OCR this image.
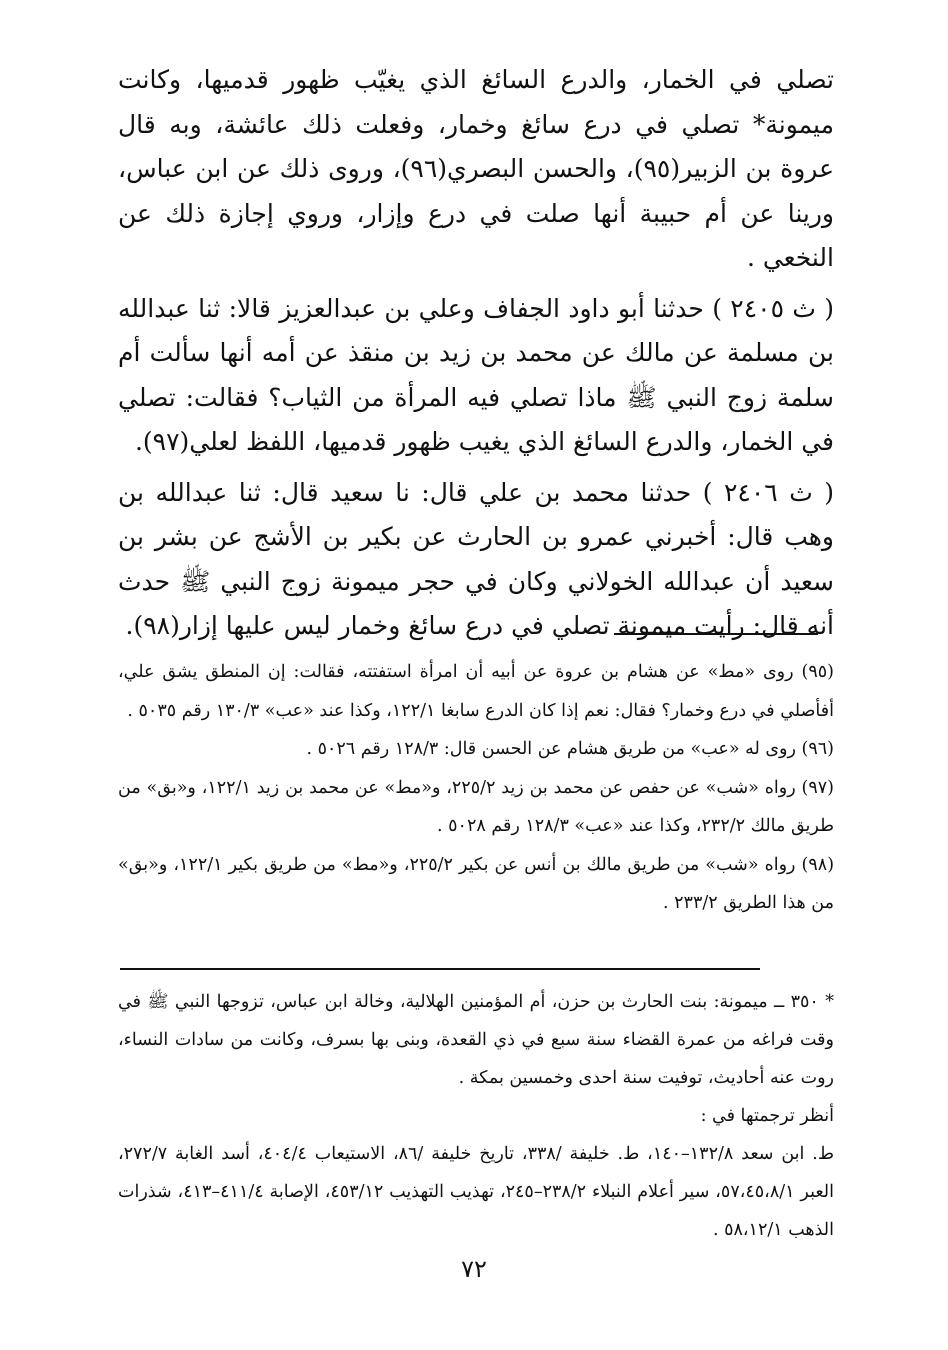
تصلي في الخمار، والدرع السائغ الذي يغيّب ظهور قدميها، وكانت ميمونة* تصلي في درع سائغ وخمار، وفعلت ذلك عائشة، وبه قال عروة بن الزبير(٩٥)، والحسن البصري(٩٦)، وروى ذلك عن ابن عباس، ورينا عن أم حبيبة أنها صلت في درع وإزار، وروي إجازة ذلك عن النخعي .

( ث ٢٤٠٥ ) حدثنا أبو داود الجفاف وعلي بن عبدالعزيز قالا: ثنا عبدالله بن مسلمة عن مالك عن محمد بن زيد بن منقذ عن أمه أنها سألت أم سلمة زوج النبي ﷺ ماذا تصلي فيه المرأة من الثياب؟ فقالت: تصلي في الخمار، والدرع السائغ الذي يغيب ظهور قدميها، اللفظ لعلي(٩٧).

( ث ٢٤٠٦ ) حدثنا محمد بن علي قال: نا سعيد قال: ثنا عبدالله بن وهب قال: أخبرني عمرو بن الحارث عن بكير بن الأشج عن بشر بن سعيد أن عبدالله الخولاني وكان في حجر ميمونة زوج النبي ﷺ حدث أنه قال: رأيت ميمونة تصلي في درع سائغ وخمار ليس عليها إزار(٩٨).

(٩٥) روى «مط» عن هشام بن عروة عن أبيه أن امرأة استفتته، فقالت: إن المنطق يشق علي، أفأصلي في درع وخمار؟ فقال: نعم إذا كان الدرع سابغا ١٢٢/١، وكذا عند «عب» ١٣٠/٣ رقم ٥٠٣٥ .

(٩٦) روى له «عب» من طريق هشام عن الحسن قال: ١٢٨/٣ رقم ٥٠٢٦ .

(٩٧) رواه «شب» عن حفص عن محمد بن زيد ٢٢٥/٢، و«مط» عن محمد بن زيد ١٢٢/١، و«بق» من طريق مالك ٢٣٢/٢، وكذا عند «عب» ١٢٨/٣ رقم ٥٠٢٨ .

(٩٨) رواه «شب» من طريق مالك بن أنس عن بكير ٢٢٥/٢، و«مط» من طريق بكير ١٢٢/١، و«بق» من هذا الطريق ٢٣٣/٢ .

* ٣٥٠ ــ ميمونة: بنت الحارث بن حزن، أم المؤمنين الهلالية، وخالة ابن عباس، تزوجها النبي ﷺ في وقت فراغه من عمرة القضاء سنة سبع في ذي القعدة، وبنى بها بسرف، وكانت من سادات النساء، روت عنه أحاديث، توفيت سنة احدى وخمسين بمكة .

أنظر ترجمتها في :

ط. ابن سعد ١٣٢/٨–١٤٠، ط. خليفة /٣٣٨، تاريخ خليفة /٨٦، الاستيعاب ٤٠٤/٤، أسد الغابة ٢٧٢/٧، العبر ٥٧،٤٥،٨/١، سير أعلام النبلاء ٢٣٨/٢–٢٤٥، تهذيب التهذيب ٤٥٣/١٢، الإصابة ٤١١/٤–٤١٣، شذرات الذهب ٥٨،١٢/١ .

٧٢
